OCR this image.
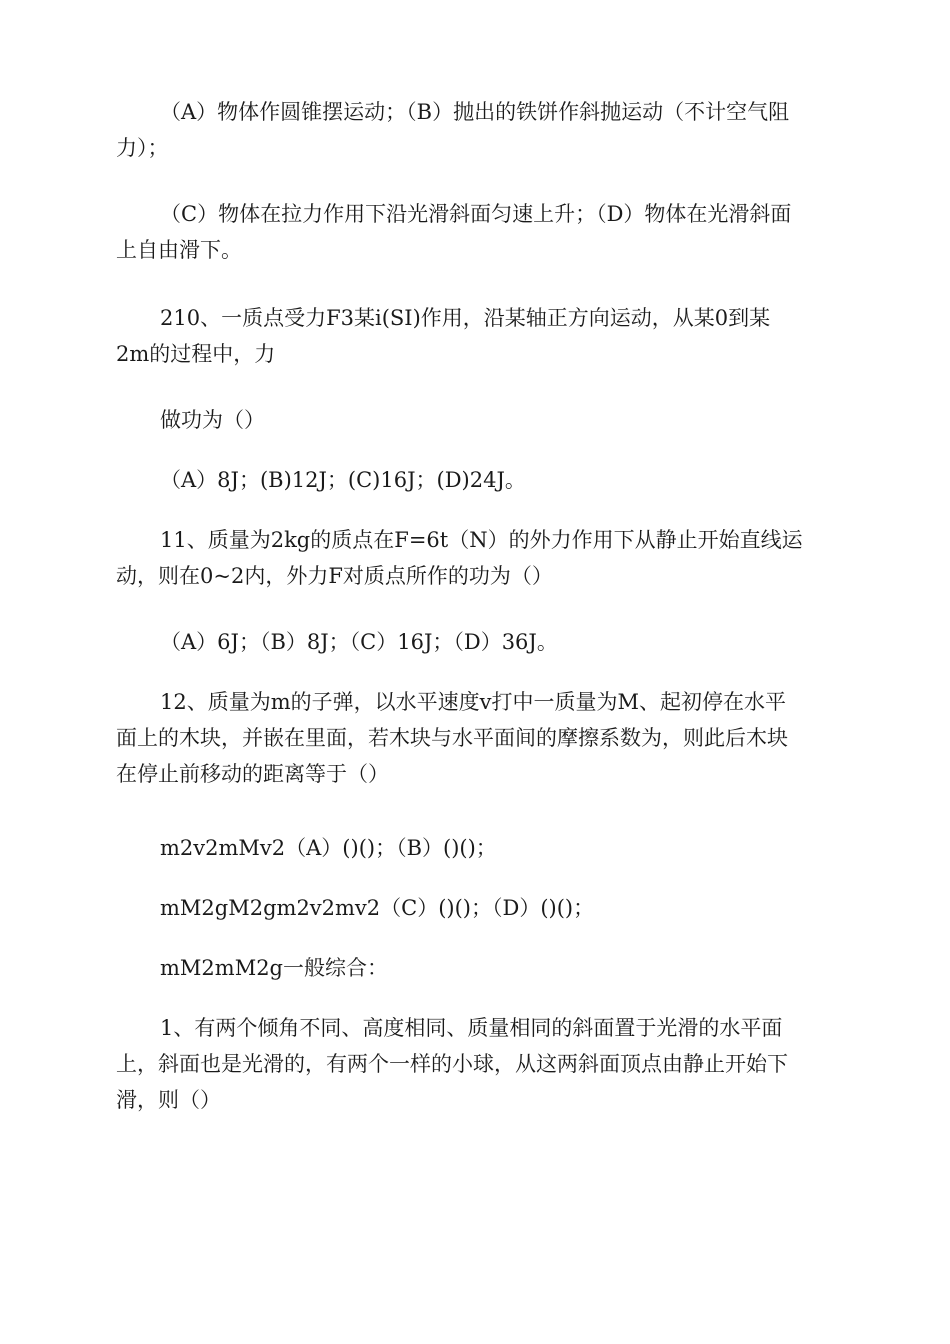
（A）物体作圆锥摆运动；（B）抛出的铁饼作斜抛运动（不计空气阻
力）；
（C）物体在拉力作用下沿光滑斜面匀速上升；（D）物体在光滑斜面
上自由滑下。
210、一质点受力F3某i(SI)作用，沿某轴正方向运动，从某0到某
2m的过程中，力
做功为（）
（A）8J；(B)12J；(C)16J；(D)24J。
11、质量为2kg的质点在F=6t（N）的外力作用下从静止开始直线运
动，则在0~2内，外力F对质点所作的功为（）
（A）6J；（B）8J；（C）16J；（D）36J。
12、质量为m的子弹，以水平速度v打中一质量为M、起初停在水平
面上的木块，并嵌在里面，若木块与水平面间的摩擦系数为，则此后木块
在停止前移动的距离等于（）
m2v2mMv2（A）()()；（B）()()；
mM2gM2gm2v2mv2（C）()()；（D）()()；
mM2mM2g一般综合：
1、有两个倾角不同、高度相同、质量相同的斜面置于光滑的水平面
上，斜面也是光滑的，有两个一样的小球，从这两斜面顶点由静止开始下
滑，则（）
